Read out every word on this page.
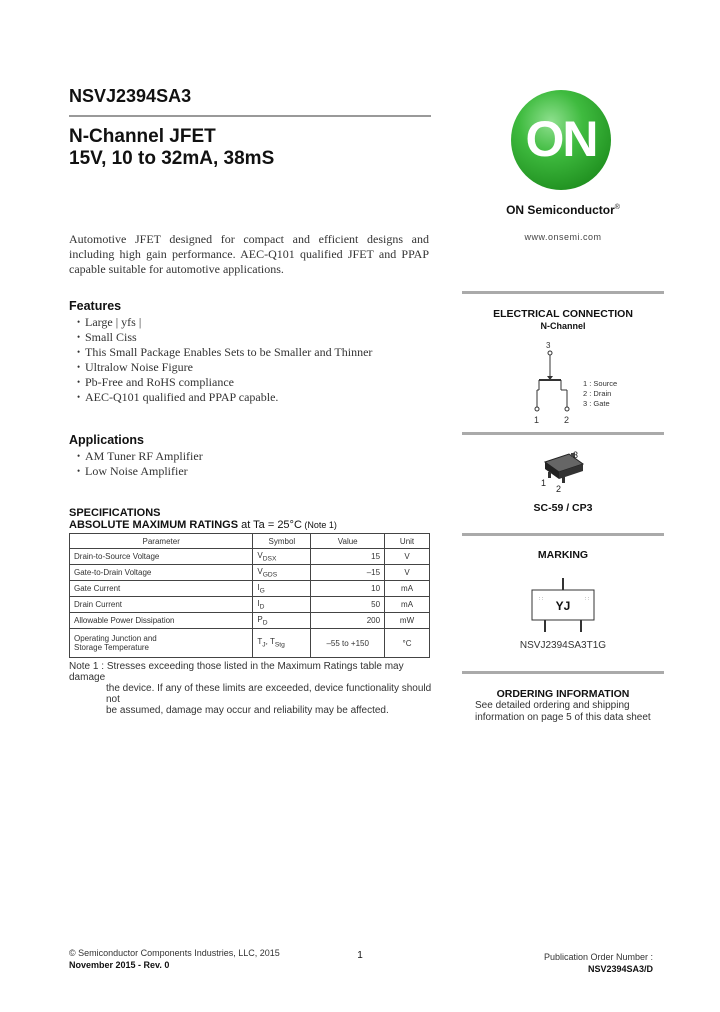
NSVJ2394SA3
N-Channel JFET
15V, 10 to 32mA, 38mS
Automotive JFET designed for compact and efficient designs and including high gain performance. AEC-Q101 qualified JFET and PPAP capable suitable for automotive applications.
Features
• Large | yfs |
• Small Ciss
• This Small Package Enables Sets to be Smaller and Thinner
• Ultralow Noise Figure
• Pb-Free and RoHS compliance
• AEC-Q101 qualified and PPAP capable.
Applications
• AM Tuner RF Amplifier
• Low Noise Amplifier
SPECIFICATIONS
ABSOLUTE MAXIMUM RATINGS at Ta = 25°C (Note 1)
Parameter	Symbol	Value	Unit
Drain-to-Source Voltage	$V_{DSX}$	15	V
Gate-to-Drain Voltage	$V_{GDS}$	–15	V
Gate Current	$I_G$	10	mA
Drain Current	$I_D$	50	mA
Allowable Power Dissipation	$P_D$	200	mW

Operating Junction and
Storage Temperature	$T_J$, $T_{Stg}$	–55 to +150	°C
Note 1 : Stresses exceeding those listed in the Maximum Ratings table may damage
the device. If any of these limits are exceeded, device functionality should not
be assumed, damage may occur and reliability may be affected.
ON
ON Semiconductor®
www.onsemi.com
ELECTRICAL CONNECTION
N-Channel
3
1	2
1 : Source
2 : Drain
3 : Gate
3
1
2
SC-59 / CP3
MARKING
: :	: :
YJ
NSVJ2394SA3T1G
ORDERING INFORMATION
See detailed ordering and shipping
information on page 5 of this data sheet
© Semiconductor Components Industries, LLC, 2015
November 2015 - Rev. 0
1	Publication Order Number :
NSV2394SA3/D
